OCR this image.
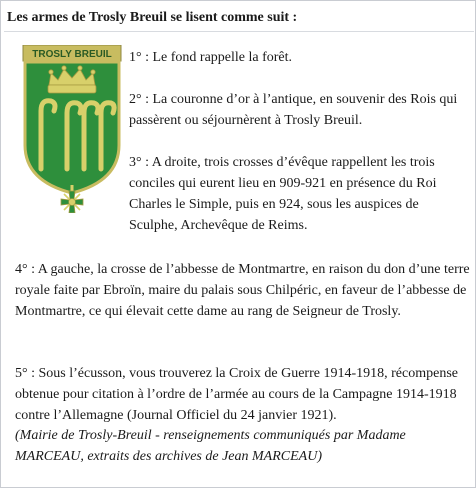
Les armes de Trosly Breuil se lisent comme suit :
TROSLY BREUIL 1° : Le fond rappelle la forêt.

2° : La couronne d’or à l’antique, en souvenir des Rois qui passèrent ou séjournèrent à Trosly Breuil.

3° : A droite, trois crosses d’évêque rappellent les trois conciles qui eurent lieu en 909-921 en présence du Roi Charles le Simple, puis en 924, sous les auspices de Sculphe, Archevêque de Reims.

4° : A gauche, la crosse de l’abbesse de Montmartre, en raison du don d’une terre royale faite par Ebroïn, maire du palais sous Chilpéric, en faveur de l’abbesse de Montmartre, ce qui élevait cette dame au rang de Seigneur de Trosly.

5° : Sous l’écusson, vous trouverez la Croix de Guerre 1914-1918, récompense obtenue pour citation à l’ordre de l’armée au cours de la Campagne 1914-1918 contre l’Allemagne (Journal Officiel du 24 janvier 1921).

(Mairie de Trosly-Breuil - renseignements communiqués par Madame MARCEAU, extraits des archives de Jean MARCEAU)
